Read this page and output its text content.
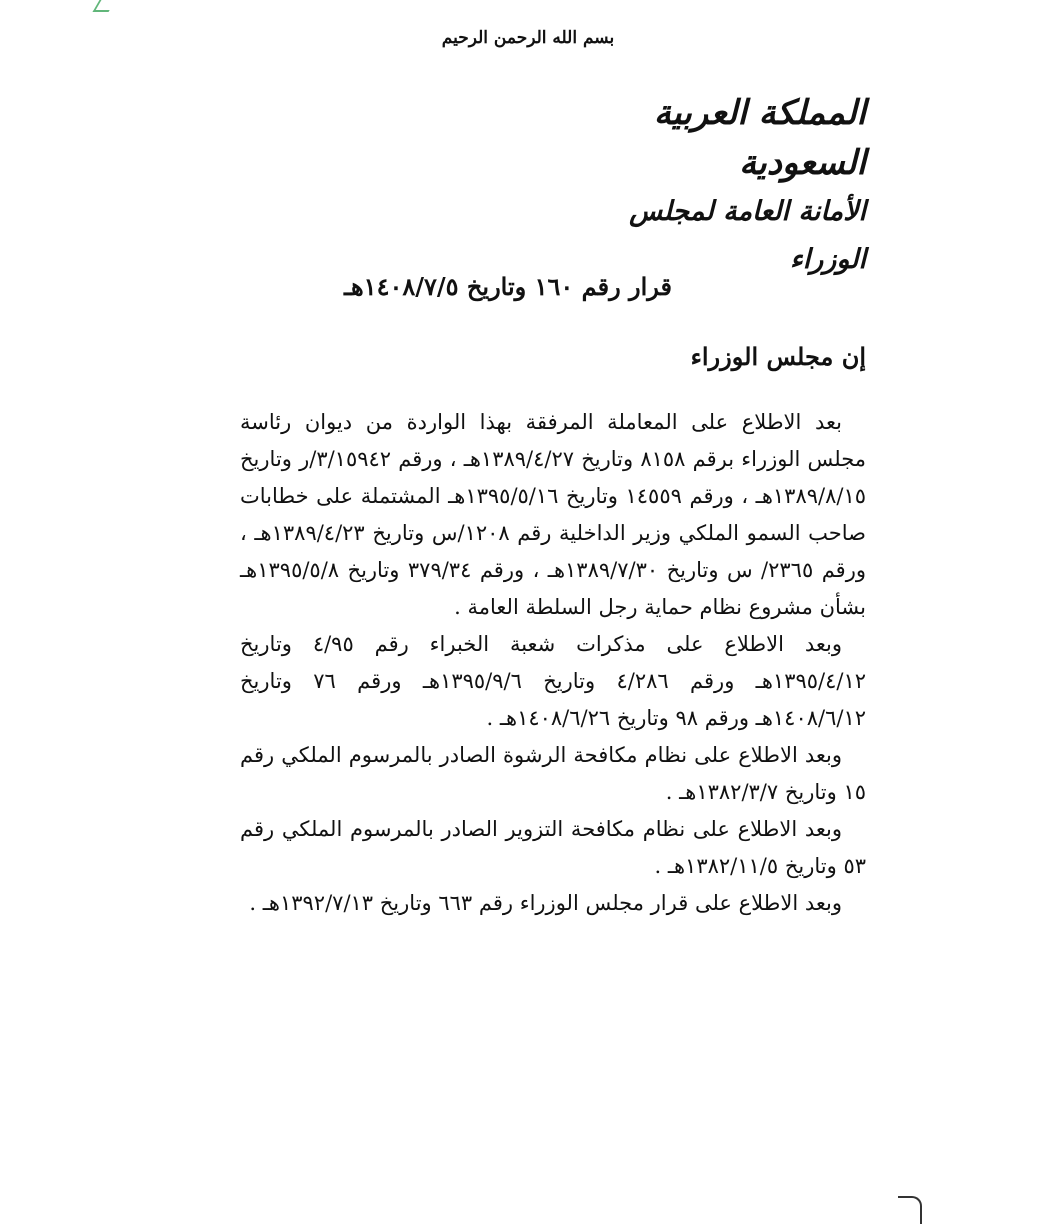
بسم الله الرحمن الرحيم
المملكة العربية السعودية
الأمانة العامة لمجلس الوزراء
قرار رقم ١٦٠ وتاريخ ١٤٠٨/٧/٥هـ
إن مجلس الوزراء

بعد الاطلاع على المعاملة المرفقة بهذا الواردة من ديوان رئاسة مجلس الوزراء برقم ٨١٥٨ وتاريخ ١٣٨٩/٤/٢٧هـ ، ورقم ٣/١٥٩٤٢/ر وتاريخ ١٣٨٩/٨/١٥هـ ، ورقم ١٤٥٥٩ وتاريخ ١٣٩٥/٥/١٦هـ المشتملة على خطابات صاحب السمو الملكي وزير الداخلية رقم ١٢٠٨/س وتاريخ ١٣٨٩/٤/٢٣هـ ، ورقم ٢٣٦٥/ س وتاريخ ١٣٨٩/٧/٣٠هـ ، ورقم ٣٧٩/٣٤ وتاريخ ١٣٩٥/٥/٨هـ بشأن مشروع نظام حماية رجل السلطة العامة .

وبعد الاطلاع على مذكرات شعبة الخبراء رقم ٤/٩٥ وتاريخ ١٣٩٥/٤/١٢هـ ورقم ٤/٢٨٦ وتاريخ ١٣٩٥/٩/٦هـ ورقم ٧٦ وتاريخ ١٤٠٨/٦/١٢هـ ورقم ٩٨ وتاريخ ١٤٠٨/٦/٢٦هـ .

وبعد الاطلاع على نظام مكافحة الرشوة الصادر بالمرسوم الملكي رقم ١٥ وتاريخ ١٣٨٢/٣/٧هـ .

وبعد الاطلاع على نظام مكافحة التزوير الصادر بالمرسوم الملكي رقم ٥٣ وتاريخ ١٣٨٢/١١/٥هـ .

وبعد الاطلاع على قرار مجلس الوزراء رقم ٦٦٣ وتاريخ ١٣٩٢/٧/١٣هـ .
